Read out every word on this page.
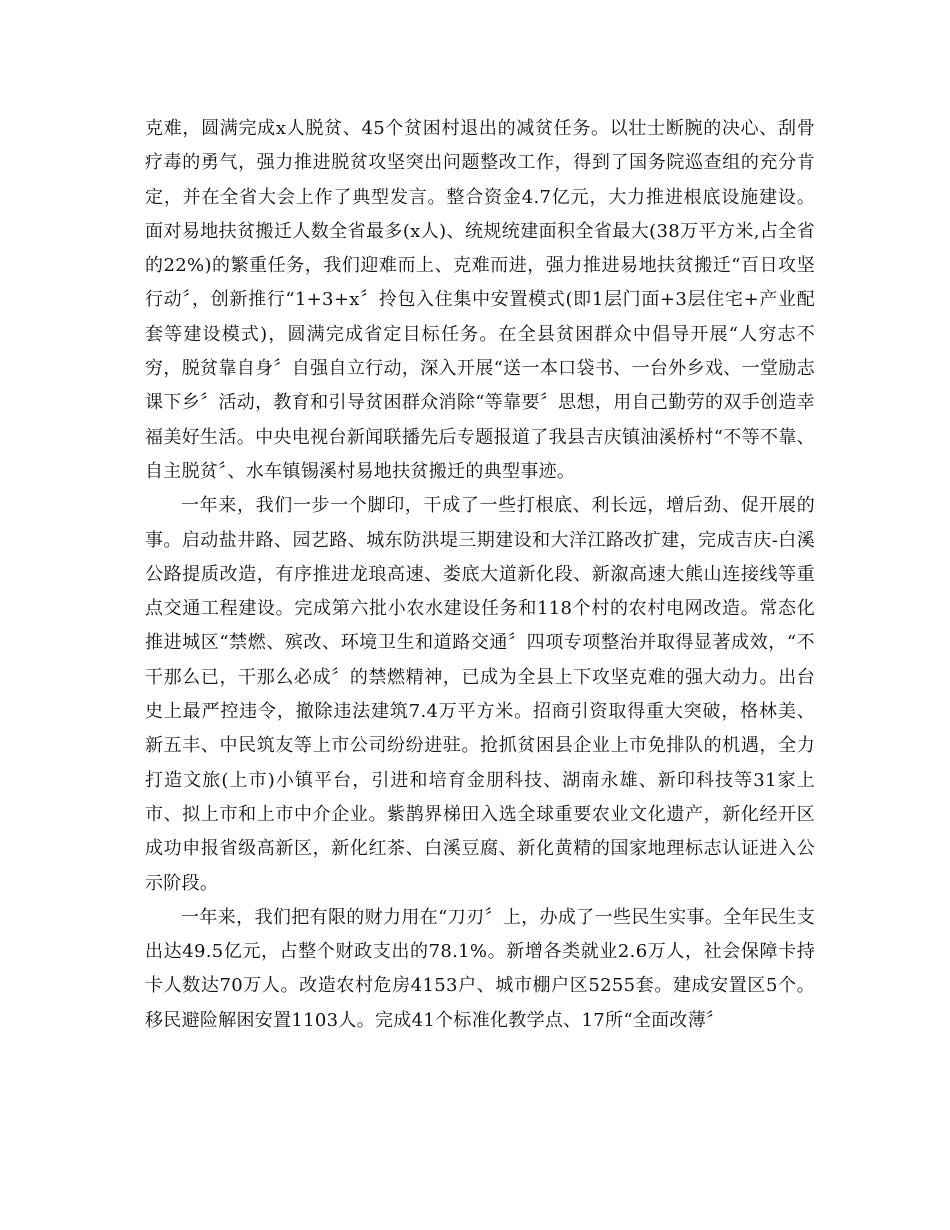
克难，圆满完成x人脱贫、45个贫困村退出的减贫任务。以壮士断腕的决心、刮骨疗毒的勇气，强力推进脱贫攻坚突出问题整改工作，得到了国务院巡查组的充分肯定，并在全省大会上作了典型发言。整合资金4.7亿元，大力推进根底设施建设。面对易地扶贫搬迁人数全省最多(x人)、统规统建面积全省最大(38万平方米,占全省的22%)的繁重任务，我们迎难而上、克难而进，强力推进易地扶贫搬迁“百日攻坚行动〞，创新推行“1+3+x〞拎包入住集中安置模式(即1层门面+3层住宅+产业配套等建设模式)，圆满完成省定目标任务。在全县贫困群众中倡导开展“人穷志不穷，脱贫靠自身〞自强自立行动，深入开展“送一本口袋书、一台外乡戏、一堂励志课下乡〞活动，教育和引导贫困群众消除“等靠要〞思想，用自己勤劳的双手创造幸福美好生活。中央电视台新闻联播先后专题报道了我县吉庆镇油溪桥村“不等不靠、自主脱贫〞、水车镇锡溪村易地扶贫搬迁的典型事迹。

一年来，我们一步一个脚印，干成了一些打根底、利长远，增后劲、促开展的事。启动盐井路、园艺路、城东防洪堤三期建设和大洋江路改扩建，完成吉庆-白溪公路提质改造，有序推进龙琅高速、娄底大道新化段、新溆高速大熊山连接线等重点交通工程建设。完成第六批小农水建设任务和118个村的农村电网改造。常态化推进城区“禁燃、殡改、环境卫生和道路交通〞四项专项整治并取得显著成效，“不干那么已，干那么必成〞的禁燃精神，已成为全县上下攻坚克难的强大动力。出台史上最严控违令，撤除违法建筑7.4万平方米。招商引资取得重大突破，格林美、新五丰、中民筑友等上市公司纷纷进驻。抢抓贫困县企业上市免排队的机遇，全力打造文旅(上市)小镇平台，引进和培育金朋科技、湖南永雄、新印科技等31家上市、拟上市和上市中介企业。紫鹊界梯田入选全球重要农业文化遗产，新化经开区成功申报省级高新区，新化红茶、白溪豆腐、新化黄精的国家地理标志认证进入公示阶段。

一年来，我们把有限的财力用在“刀刃〞上，办成了一些民生实事。全年民生支出达49.5亿元，占整个财政支出的78.1%。新增各类就业2.6万人，社会保障卡持卡人数达70万人。改造农村危房4153户、城市棚户区5255套。建成安置区5个。移民避险解困安置1103人。完成41个标准化教学点、17所“全面改薄〞
